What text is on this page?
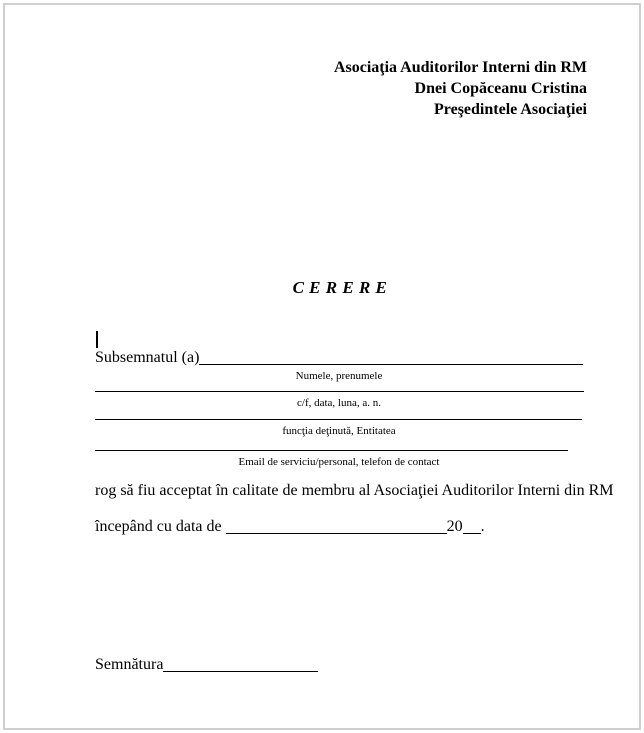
Asociaţia Auditorilor Interni din RM
Dnei Copăceanu Cristina
Preşedintele Asociaţiei
C E R E R E
Subsemnatul (a)
Numele, prenumele
c/f, data, luna, a. n.
funcţia deţinută, Entitatea
Email de serviciu/personal, telefon de contact
rog să fiu acceptat în calitate de membru al Asociaţiei Auditorilor Interni din RM
începând cu data de	20 .
Semnătura
